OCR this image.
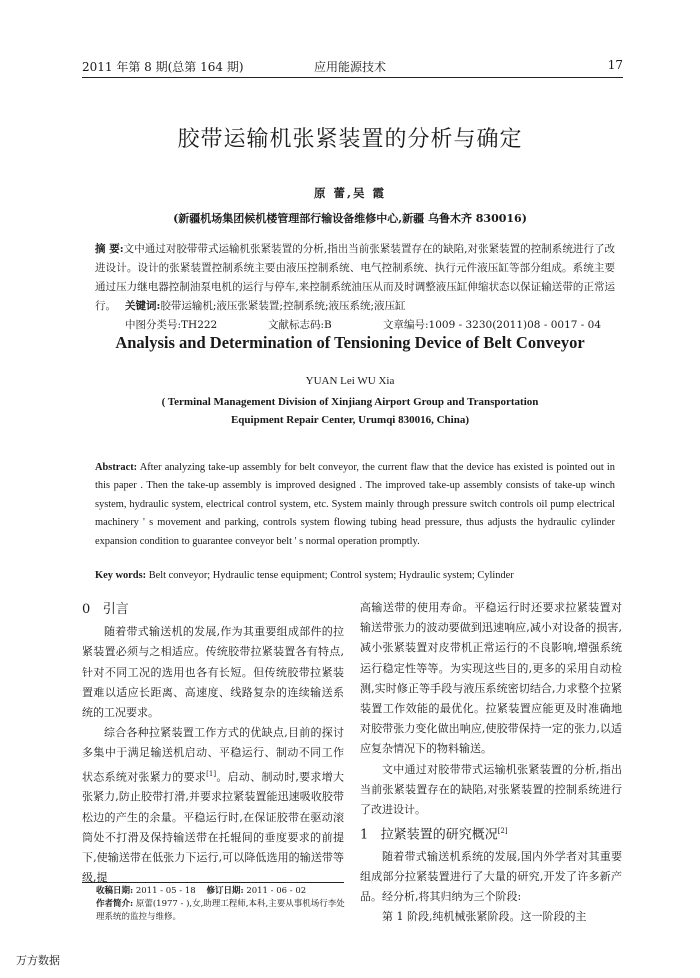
2011 年第 8 期(总第 164 期)	应用能源技术	17
胶带运输机张紧装置的分析与确定
原 蕾,吴 霞
(新疆机场集团候机楼管理部行输设备维修中心,新疆 乌鲁木齐 830016)
摘 要:文中通过对胶带带式运输机张紧装置的分析,指出当前张紧装置存在的缺陷,对张紧装置的控制系统进行了改进设计。设计的张紧装置控制系统主要由液压控制系统、电气控制系统、执行元件液压缸等部分组成。系统主要通过压力继电器控制油泵电机的运行与停车,来控制系统油压从而及时调整液压缸伸缩状态以保证输送带的正常运行。 关键词:胶带运输机;液压张紧装置;控制系统;液压系统;液压缸
中图分类号:TH222	文献标志码:B	文章编号:1009 - 3230(2011)08 - 0017 - 04
Analysis and Determination of Tensioning Device of Belt Conveyor
YUAN Lei WU Xia
( Terminal Management Division of Xinjiang Airport Group and Transportation Equipment Repair Center, Urumqi 830016, China)
Abstract: After analyzing take-up assembly for belt conveyor, the current flaw that the device has existed is pointed out in this paper . Then the take-up assembly is improved designed . The improved take-up assembly consists of take-up winch system, hydraulic system, electrical control system, etc. System mainly through pressure switch controls oil pump electrical machinery ' s movement and parking, controls system flowing tubing head pressure, thus adjusts the hydraulic cylinder expansion condition to guarantee conveyor belt ' s normal operation promptly.
Key words: Belt conveyor; Hydraulic tense equipment; Control system; Hydraulic system; Cylinder
0 引言

随着带式输送机的发展,作为其重要组成部件的拉紧装置必须与之相适应。传统胶带拉紧装置各有特点,针对不同工况的选用也各有长短。但传统胶带拉紧装置难以适应长距离、高速度、线路复杂的连续输送系统的工况要求。

综合各种拉紧装置工作方式的优缺点,目前的探讨多集中于满足输送机启动、平稳运行、制动不同工作状态系统对张紧力的要求[1]。启动、制动时,要求增大张紧力,防止胶带打滑,并要求拉紧装置能迅速吸收胶带松边的产生的余量。平稳运行时,在保证胶带在驱动滚筒处不打滑及保持输送带在托辊间的垂度要求的前提下,使输送带在低张力下运行,可以降低选用的输送带等级,提

收稿日期: 2011 - 05 - 18 修订日期: 2011 - 06 - 02
作者简介: 原蕾(1977 - ),女,助理工程师,本科,主要从事机场行李处理系统的监控与维修。

高输送带的使用寿命。平稳运行时还要求拉紧装置对输送带张力的波动要做到迅速响应,减小对设备的损害,减小张紧装置对皮带机正常运行的不良影响,增强系统运行稳定性等等。为实现这些目的,更多的采用自动检测,实时修正等手段与液压系统密切结合,力求整个拉紧装置工作效能的最优化。拉紧装置应能更及时准确地对胶带张力变化做出响应,使胶带保持一定的张力,以适应复杂情况下的物料输送。

文中通过对胶带带式运输机张紧装置的分析,指出当前张紧装置存在的缺陷,对张紧装置的控制系统进行了改进设计。

1 拉紧装置的研究概况[2]

随着带式输送机系统的发展,国内外学者对其重要组成部分拉紧装置进行了大量的研究,开发了许多新产品。经分析,将其归纳为三个阶段:

第 1 阶段,纯机械张紧阶段。这一阶段的主

万方数据
